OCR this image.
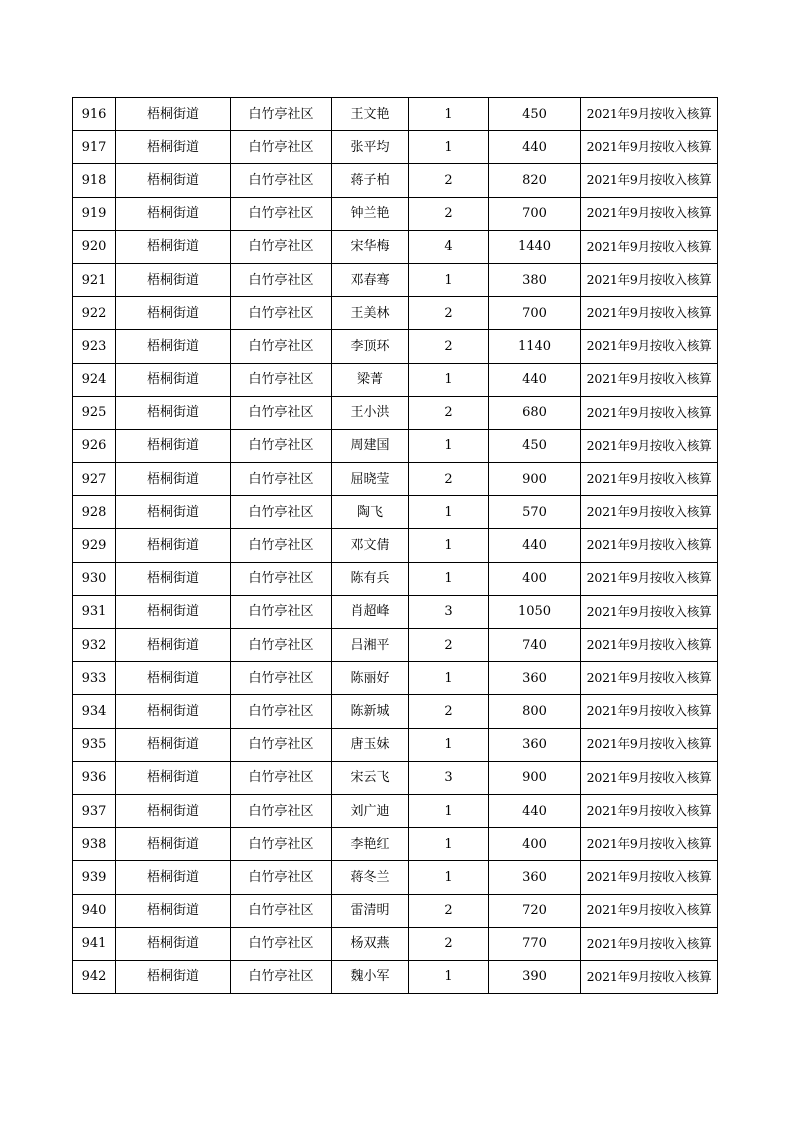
916	梧桐街道	白竹亭社区	王文艳	1	450	2021年9月按收入核算
917	梧桐街道	白竹亭社区	张平均	1	440	2021年9月按收入核算
918	梧桐街道	白竹亭社区	蒋子柏	2	820	2021年9月按收入核算
919	梧桐街道	白竹亭社区	钟兰艳	2	700	2021年9月按收入核算
920	梧桐街道	白竹亭社区	宋华梅	4	1440	2021年9月按收入核算
921	梧桐街道	白竹亭社区	邓春骞	1	380	2021年9月按收入核算
922	梧桐街道	白竹亭社区	王美林	2	700	2021年9月按收入核算
923	梧桐街道	白竹亭社区	李顶环	2	1140	2021年9月按收入核算
924	梧桐街道	白竹亭社区	梁菁	1	440	2021年9月按收入核算
925	梧桐街道	白竹亭社区	王小洪	2	680	2021年9月按收入核算
926	梧桐街道	白竹亭社区	周建国	1	450	2021年9月按收入核算
927	梧桐街道	白竹亭社区	屈晓莹	2	900	2021年9月按收入核算
928	梧桐街道	白竹亭社区	陶飞	1	570	2021年9月按收入核算
929	梧桐街道	白竹亭社区	邓文倩	1	440	2021年9月按收入核算
930	梧桐街道	白竹亭社区	陈有兵	1	400	2021年9月按收入核算
931	梧桐街道	白竹亭社区	肖超峰	3	1050	2021年9月按收入核算
932	梧桐街道	白竹亭社区	吕湘平	2	740	2021年9月按收入核算
933	梧桐街道	白竹亭社区	陈丽好	1	360	2021年9月按收入核算
934	梧桐街道	白竹亭社区	陈新城	2	800	2021年9月按收入核算
935	梧桐街道	白竹亭社区	唐玉妹	1	360	2021年9月按收入核算
936	梧桐街道	白竹亭社区	宋云飞	3	900	2021年9月按收入核算
937	梧桐街道	白竹亭社区	刘广迪	1	440	2021年9月按收入核算
938	梧桐街道	白竹亭社区	李艳红	1	400	2021年9月按收入核算
939	梧桐街道	白竹亭社区	蒋冬兰	1	360	2021年9月按收入核算
940	梧桐街道	白竹亭社区	雷清明	2	720	2021年9月按收入核算
941	梧桐街道	白竹亭社区	杨双燕	2	770	2021年9月按收入核算
942	梧桐街道	白竹亭社区	魏小军	1	390	2021年9月按收入核算
